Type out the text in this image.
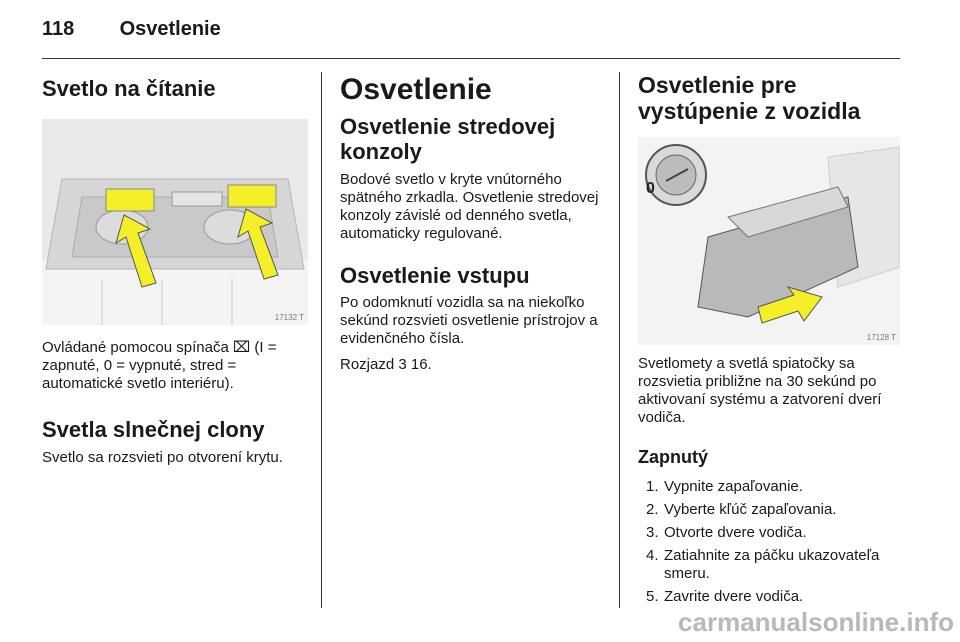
118 Osvetlenie
Svetlo na čítanie
17132 T

Ovládané pomocou spínača ⌧ (I = zapnuté, 0 = vypnuté, stred = automatické svetlo interiéru).

Svetla slnečnej clony

Svetlo sa rozsvieti po otvorení krytu.

Osvetlenie
Osvetlenie stredovej konzoly

Bodové svetlo v kryte vnútorného spätného zrkadla. Osvetlenie stredovej konzoly závislé od denného svetla, automaticky regulované.

Osvetlenie vstupu

Po odomknutí vozidla sa na niekoľko sekúnd rozsvieti osvetlenie prístrojov a evidenčného čísla.

Rozjazd 3 16.

Osvetlenie pre vystúpenie z vozidla
0
17128 T

Svetlomety a svetlá spiatočky sa rozsvietia približne na 30 sekúnd po aktivovaní systému a zatvorení dverí vodiča.

Zapnutý
1. Vypnite zapaľovanie.
2. Vyberte kľúč zapaľovania.
3. Otvorte dvere vodiča.
4. Zatiahnite za páčku ukazovateľa smeru.
5. Zavrite dvere vodiča.
carmanualsonline.info
